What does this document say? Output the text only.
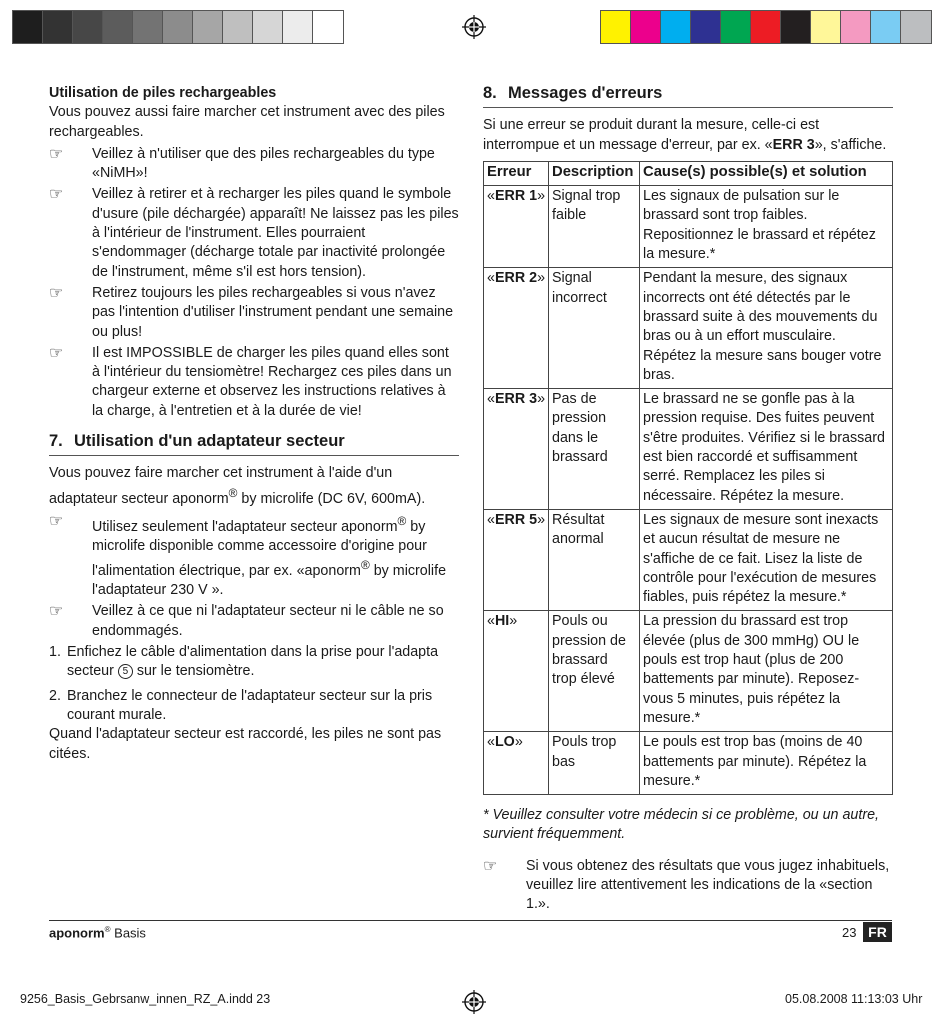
Utilisation de piles rechargeables
Vous pouvez aussi faire marcher cet instrument avec des piles rechargeables.
☞ Veillez à n'utiliser que des piles rechargeables du type «NiMH»!
☞ Veillez à retirer et à recharger les piles quand le symbole d'usure (pile déchargée) apparaît! Ne laissez pas les piles à l'intérieur de l'instrument. Elles pourraient s'endommager (décharge totale par inactivité prolongée de l'instrument, même s'il est hors tension).
☞ Retirez toujours les piles rechargeables si vous n'avez pas l'intention d'utiliser l'instrument pendant une semaine ou plus!
☞ Il est IMPOSSIBLE de charger les piles quand elles sont à l'intérieur du tensiomètre! Rechargez ces piles dans un chargeur externe et observez les instructions relatives à la charge, à l'entretien et à la durée de vie!
7. Utilisation d'un adaptateur secteur
Vous pouvez faire marcher cet instrument à l'aide d'un adaptateur secteur aponorm® by microlife (DC 6V, 600mA).
☞ Utilisez seulement l'adaptateur secteur aponorm® by microlife disponible comme accessoire d'origine pour l'alimentation électrique, par ex. «aponorm® by microlife l'adaptateur 230 V ».
☞ Veillez à ce que ni l'adaptateur secteur ni le câble ne so endommagés.
1. Enfichez le câble d'alimentation dans la prise pour l'adapta secteur 5 sur le tensiomètre.
2. Branchez le connecteur de l'adaptateur secteur sur la pris courant murale.
Quand l'adaptateur secteur est raccordé, les piles ne sont pas citées.
8. Messages d'erreurs
Si une erreur se produit durant la mesure, celle-ci est interrompue et un message d'erreur, par ex. «ERR 3», s'affiche.
Erreur	Description	Cause(s) possible(s) et solution
«ERR 1»	Signal trop faible	Les signaux de pulsation sur le brassard sont trop faibles. Repositionnez le brassard et répétez la mesure.*
«ERR 2»	Signal incorrect	Pendant la mesure, des signaux incorrects ont été détectés par le brassard suite à des mouvements du bras ou à un effort musculaire. Répétez la mesure sans bouger votre bras.
«ERR 3»	Pas de pression dans le brassard	Le brassard ne se gonfle pas à la pression requise. Des fuites peuvent s'être produites. Vérifiez si le brassard est bien raccordé et suffisamment serré. Remplacez les piles si nécessaire. Répétez la mesure.
«ERR 5»	Résultat anormal	Les signaux de mesure sont inexacts et aucun résultat de mesure ne s'affiche de ce fait. Lisez la liste de contrôle pour l'exécution de mesures fiables, puis répétez la mesure.*
«HI»	Pouls ou pression de brassard trop élevé	La pression du brassard est trop élevée (plus de 300 mmHg) OU le pouls est trop haut (plus de 200 battements par minute). Reposez-vous 5 minutes, puis répétez la mesure.*
«LO»	Pouls trop bas	Le pouls est trop bas (moins de 40 battements par minute). Répétez la mesure.*
* Veuillez consulter votre médecin si ce problème, ou un autre, survient fréquemment.
☞ Si vous obtenez des résultats que vous jugez inhabituels, veuillez lire attentivement les indications de la «section 1.».
aponorm® Basis	23 FR
9256_Basis_Gebrsanw_innen_RZ_A.indd 23	05.08.2008 11:13:03 Uhr
